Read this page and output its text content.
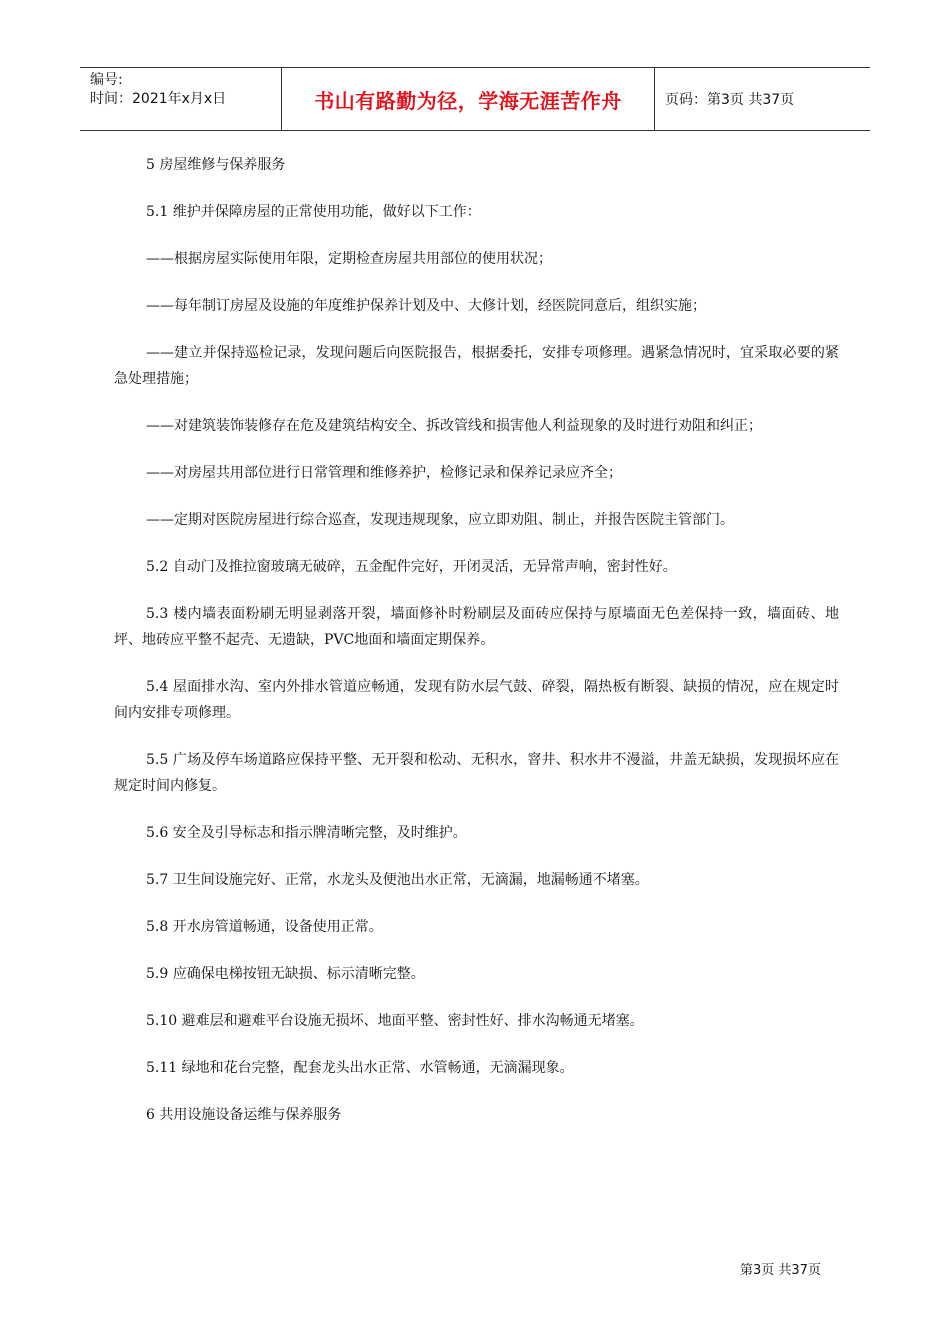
编号:
时间：2021年x月x日	书山有路勤为径，学海无涯苦作舟	页码：第3页 共37页

5 房屋维修与保养服务

5.1 维护并保障房屋的正常使用功能，做好以下工作：

——根据房屋实际使用年限，定期检查房屋共用部位的使用状况；

——每年制订房屋及设施的年度维护保养计划及中、大修计划，经医院同意后，组织实施；

——建立并保持巡检记录，发现问题后向医院报告，根据委托，安排专项修理。遇紧急情况时，宜采取必要的紧急处理措施；

——对建筑装饰装修存在危及建筑结构安全、拆改管线和损害他人利益现象的及时进行劝阻和纠正；

——对房屋共用部位进行日常管理和维修养护，检修记录和保养记录应齐全；

——定期对医院房屋进行综合巡查，发现违规现象，应立即劝阻、制止，并报告医院主管部门。

5.2 自动门及推拉窗玻璃无破碎，五金配件完好，开闭灵活，无异常声响，密封性好。

5.3 楼内墙表面粉刷无明显剥落开裂，墙面修补时粉刷层及面砖应保持与原墙面无色差保持一致，墙面砖、地坪、地砖应平整不起壳、无遗缺，PVC地面和墙面定期保养。

5.4 屋面排水沟、室内外排水管道应畅通，发现有防水层气鼓、碎裂，隔热板有断裂、缺损的情况，应在规定时间内安排专项修理。

5.5 广场及停车场道路应保持平整、无开裂和松动、无积水，窨井、积水井不漫溢，井盖无缺损，发现损坏应在规定时间内修复。

5.6 安全及引导标志和指示牌清晰完整，及时维护。

5.7 卫生间设施完好、正常，水龙头及便池出水正常，无滴漏，地漏畅通不堵塞。

5.8 开水房管道畅通，设备使用正常。

5.9 应确保电梯按钮无缺损、标示清晰完整。

5.10 避难层和避难平台设施无损坏、地面平整、密封性好、排水沟畅通无堵塞。

5.11 绿地和花台完整，配套龙头出水正常、水管畅通，无滴漏现象。

6 共用设施设备运维与保养服务

第3页 共37页
